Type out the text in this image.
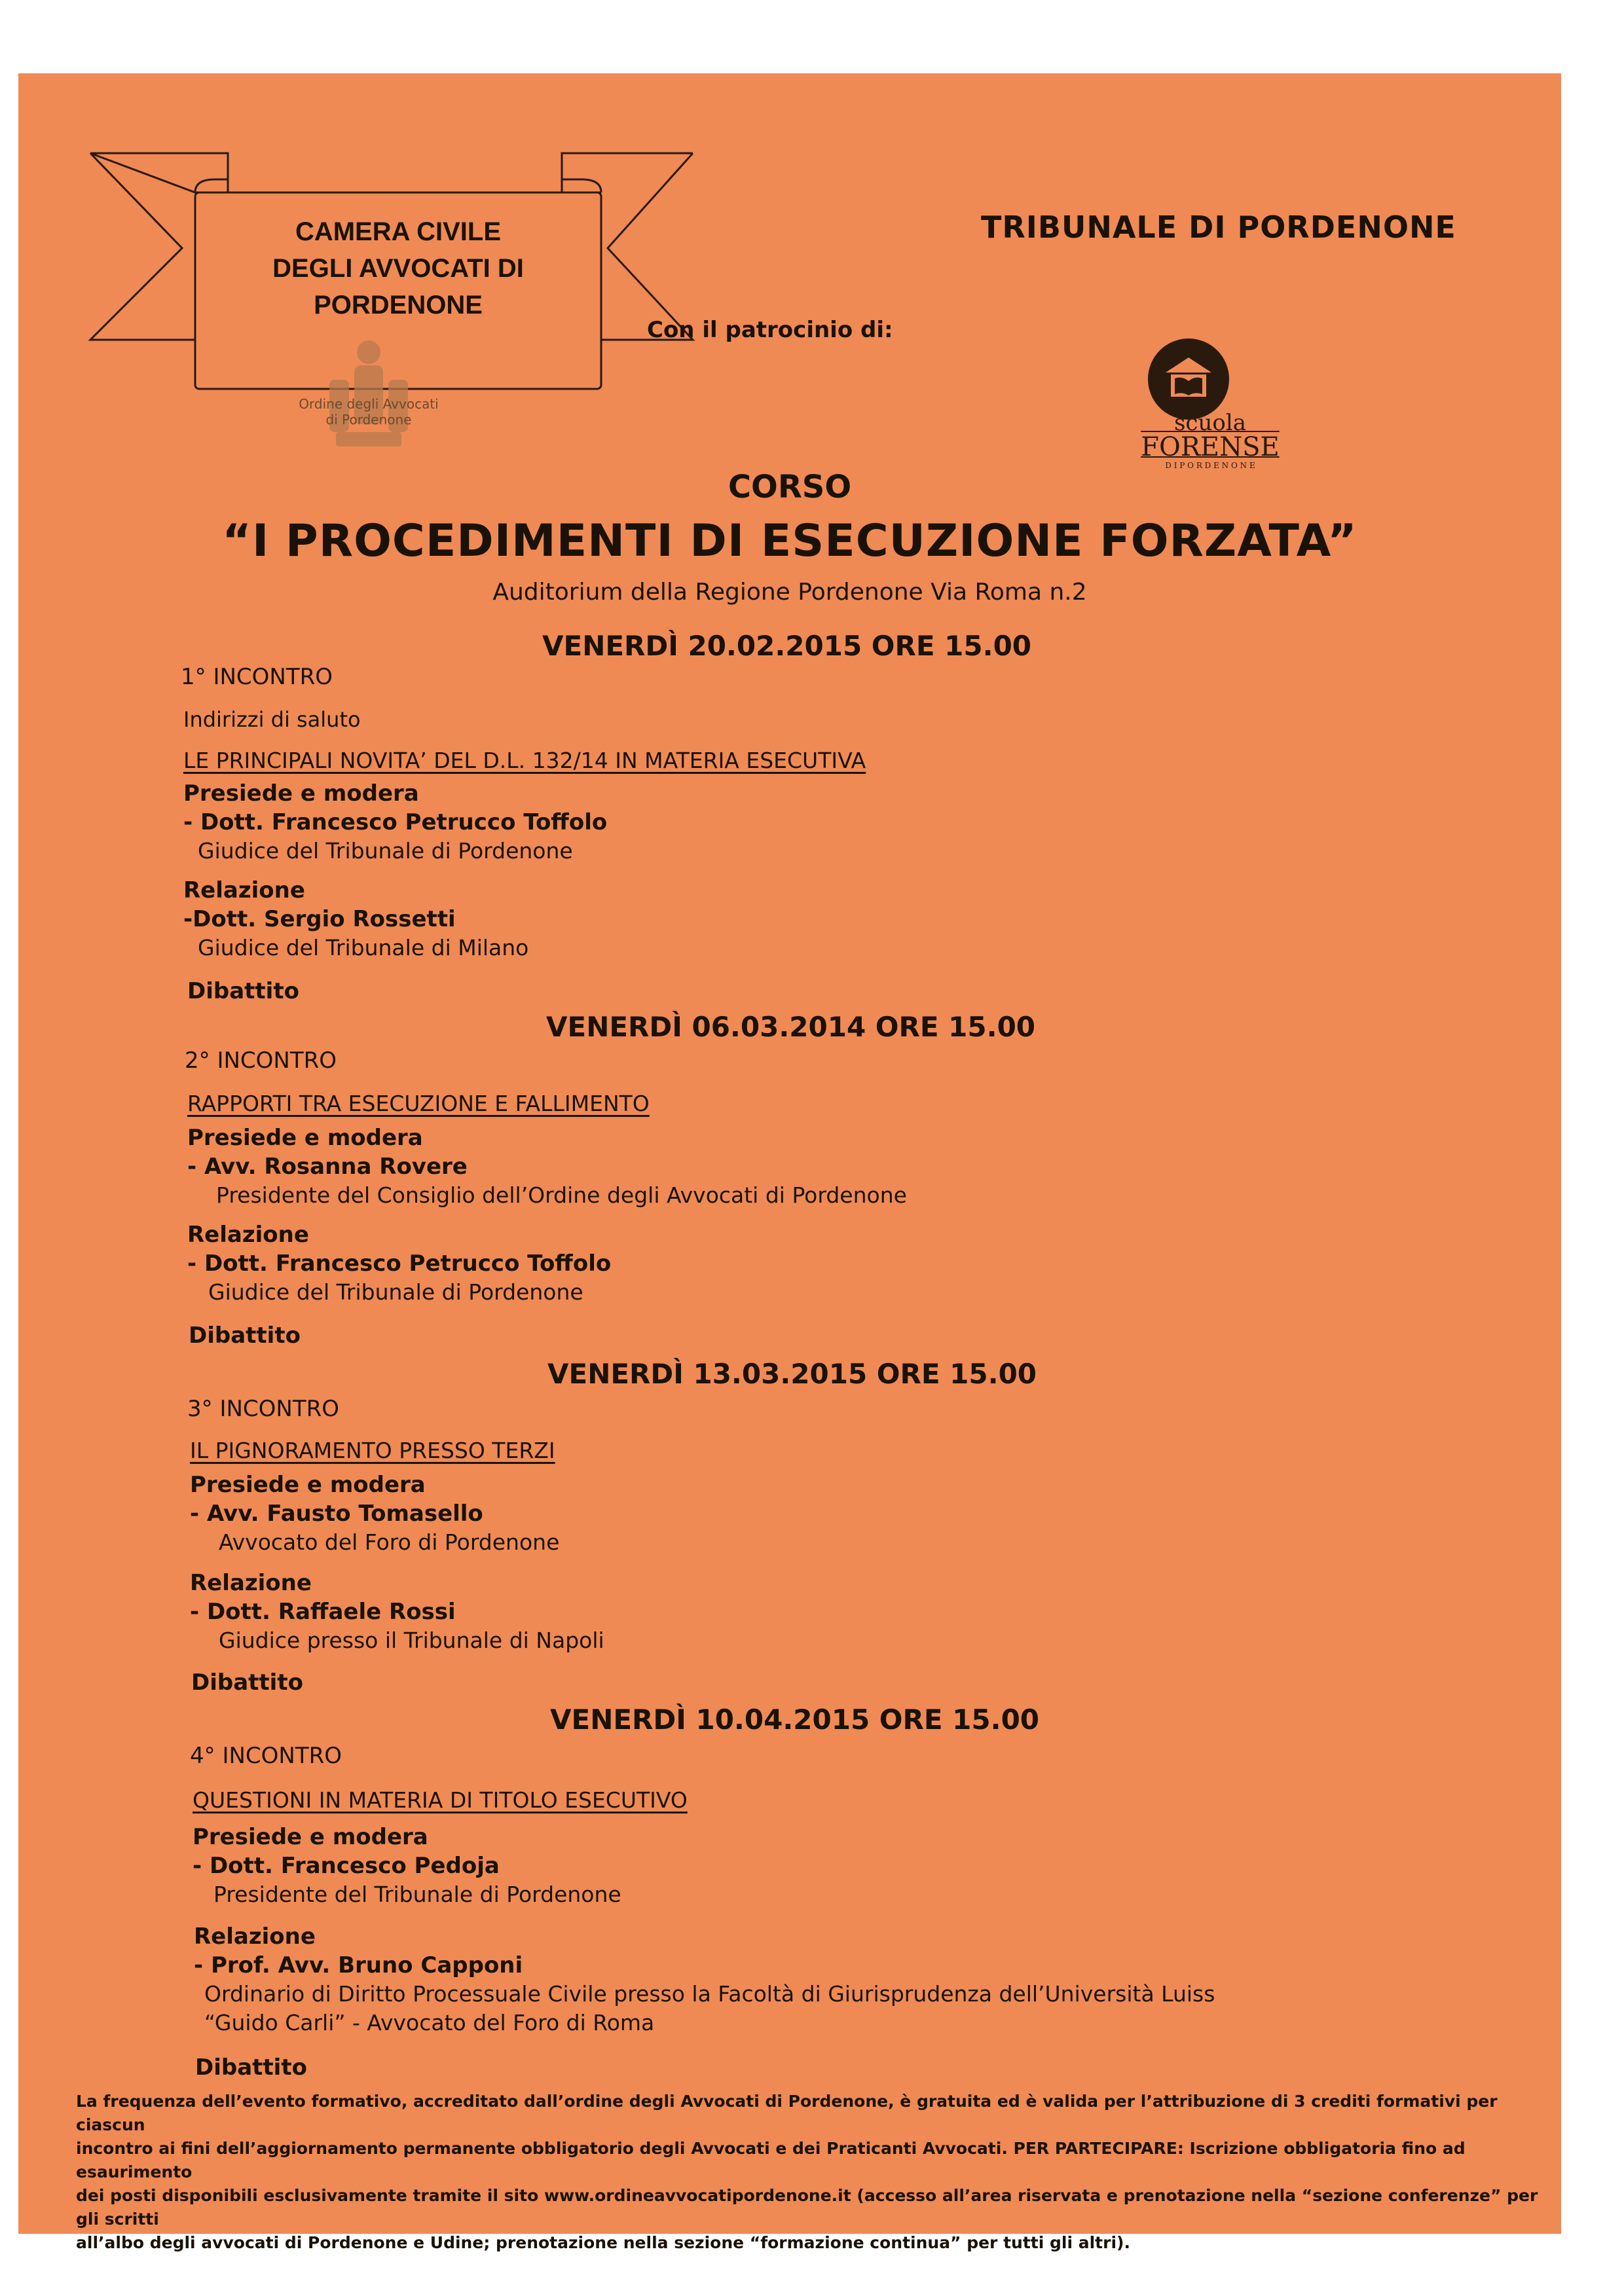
CAMERA CIVILE
DEGLI AVVOCATI DI
PORDENONE
TRIBUNALE DI PORDENONE
Con il patrocinio di:
Ordine degli Avvocati
di Pordenone	scuola
FORENSE
D I P O R D E N O N E
CORSO
“I PROCEDIMENTI DI ESECUZIONE FORZATA”
Auditorium della Regione Pordenone Via Roma n.2
VENERDÌ 20.02.2015 ORE 15.00
1° INCONTRO
Indirizzi di saluto
LE PRINCIPALI NOVITA’ DEL D.L. 132/14 IN MATERIA ESECUTIVA
Presiede e modera
- Dott. Francesco Petrucco Toffolo
Giudice del Tribunale di Pordenone
Relazione
-Dott. Sergio Rossetti
Giudice del Tribunale di Milano
Dibattito
VENERDÌ 06.03.2014 ORE 15.00
2° INCONTRO
RAPPORTI TRA ESECUZIONE E FALLIMENTO
Presiede e modera
- Avv. Rosanna Rovere
Presidente del Consiglio dell’Ordine degli Avvocati di Pordenone
Relazione
- Dott. Francesco Petrucco Toffolo
Giudice del Tribunale di Pordenone
Dibattito
VENERDÌ 13.03.2015 ORE 15.00
3° INCONTRO
IL PIGNORAMENTO PRESSO TERZI
Presiede e modera
- Avv. Fausto Tomasello
Avvocato del Foro di Pordenone
Relazione
- Dott. Raffaele Rossi
Giudice presso il Tribunale di Napoli
Dibattito
VENERDÌ 10.04.2015 ORE 15.00
4° INCONTRO
QUESTIONI IN MATERIA DI TITOLO ESECUTIVO
Presiede e modera
- Dott. Francesco Pedoja
Presidente del Tribunale di Pordenone
Relazione
- Prof. Avv. Bruno Capponi
Ordinario di Diritto Processuale Civile presso la Facoltà di Giurisprudenza dell’Università Luiss
“Guido Carli” - Avvocato del Foro di Roma
Dibattito
La frequenza dell’evento formativo, accreditato dall’ordine degli Avvocati di Pordenone, è gratuita ed è valida per l’attribuzione di 3 crediti formativi per ciascun
incontro ai fini dell’aggiornamento permanente obbligatorio degli Avvocati e dei Praticanti Avvocati. PER PARTECIPARE: Iscrizione obbligatoria fino ad esaurimento
dei posti disponibili esclusivamente tramite il sito www.ordineavvocatipordenone.it (accesso all’area riservata e prenotazione nella “sezione conferenze” per gli scritti
all’albo degli avvocati di Pordenone e Udine; prenotazione nella sezione “formazione continua” per tutti gli altri).
